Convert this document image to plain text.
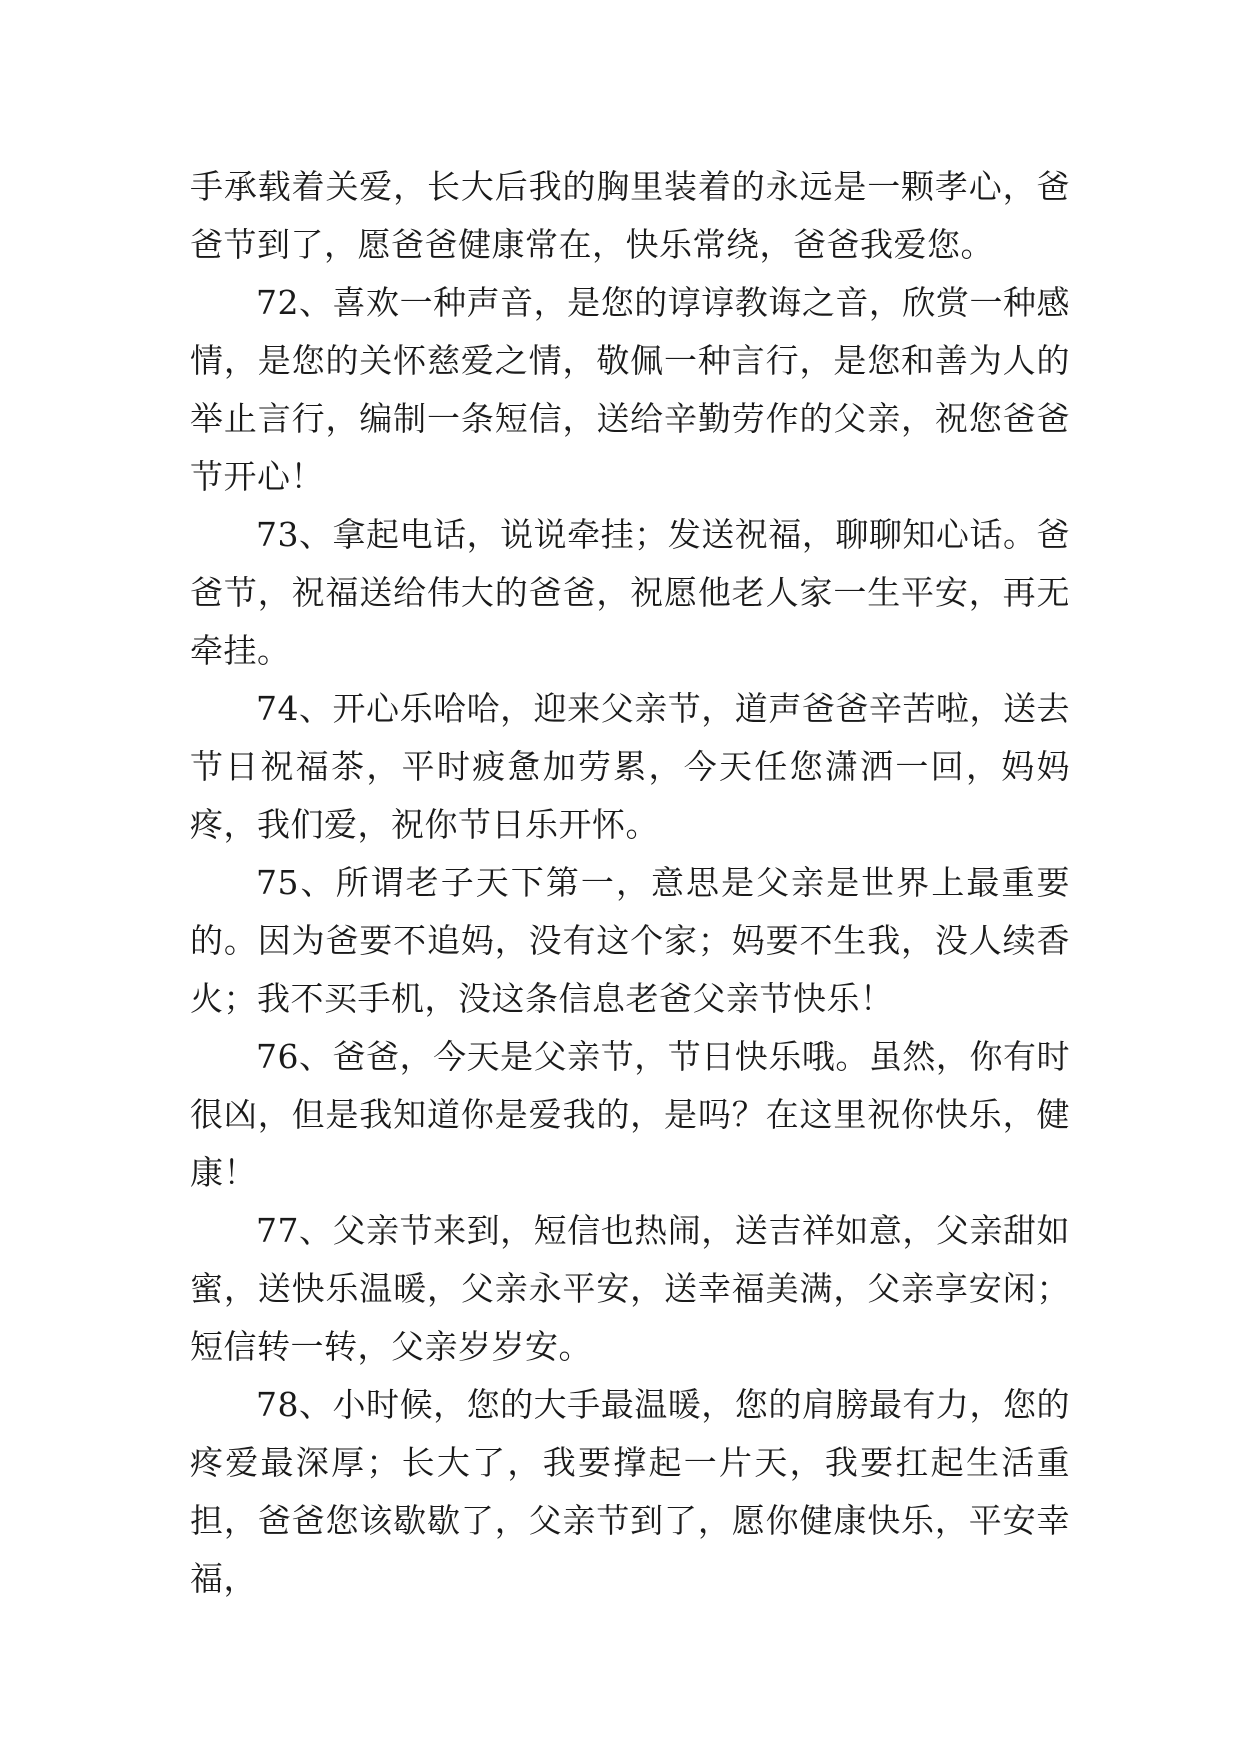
手承载着关爱，长大后我的胸里装着的永远是一颗孝心，爸爸节到了，愿爸爸健康常在，快乐常绕，爸爸我爱您。

72、喜欢一种声音，是您的谆谆教诲之音，欣赏一种感情，是您的关怀慈爱之情，敬佩一种言行，是您和善为人的举止言行，编制一条短信，送给辛勤劳作的父亲，祝您爸爸节开心！

73、拿起电话，说说牵挂；发送祝福，聊聊知心话。爸爸节，祝福送给伟大的爸爸，祝愿他老人家一生平安，再无牵挂。

74、开心乐哈哈，迎来父亲节，道声爸爸辛苦啦，送去节日祝福茶，平时疲惫加劳累，今天任您潇洒一回，妈妈疼，我们爱，祝你节日乐开怀。

75、所谓老子天下第一，意思是父亲是世界上最重要的。因为爸要不追妈，没有这个家；妈要不生我，没人续香火；我不买手机，没这条信息老爸父亲节快乐！

76、爸爸，今天是父亲节，节日快乐哦。虽然，你有时很凶，但是我知道你是爱我的，是吗？在这里祝你快乐，健康！

77、父亲节来到，短信也热闹，送吉祥如意，父亲甜如蜜，送快乐温暖，父亲永平安，送幸福美满，父亲享安闲；短信转一转，父亲岁岁安。

78、小时候，您的大手最温暖，您的肩膀最有力，您的疼爱最深厚；长大了，我要撑起一片天，我要扛起生活重担，爸爸您该歇歇了，父亲节到了，愿你健康快乐，平安幸福，
